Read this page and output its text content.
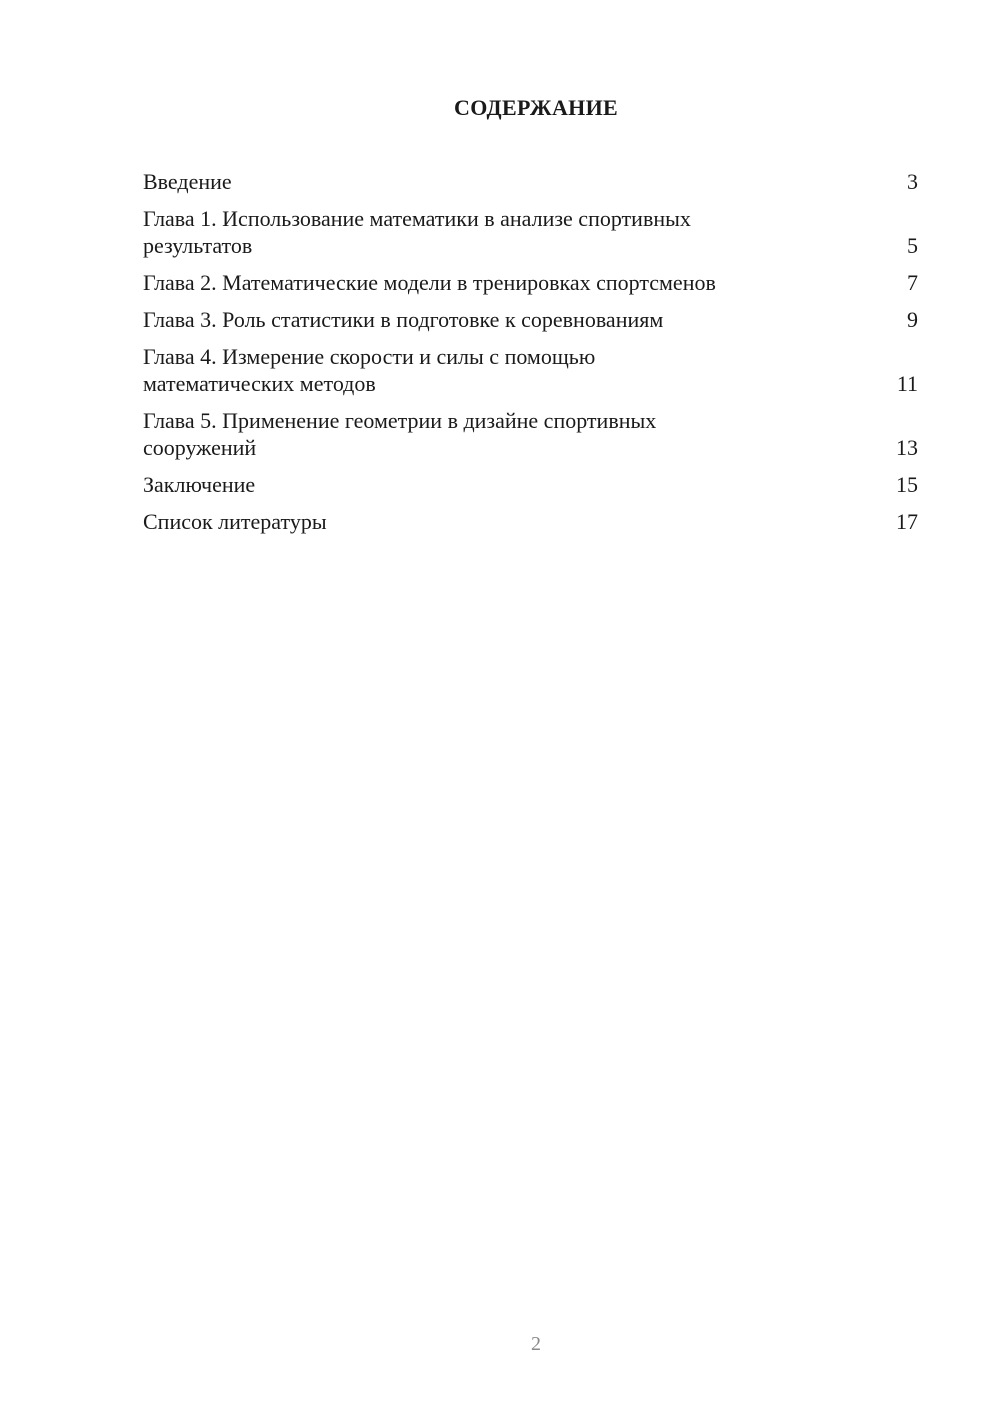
СОДЕРЖАНИЕ
Введение	3
Глава 1. Использование математики в анализе спортивных
результатов	5
Глава 2. Математические модели в тренировках спортсменов	7
Глава 3. Роль статистики в подготовке к соревнованиям	9
Глава 4. Измерение скорости и силы с помощью
математических методов	11
Глава 5. Применение геометрии в дизайне спортивных
сооружений	13
Заключение	15
Список литературы	17
2
